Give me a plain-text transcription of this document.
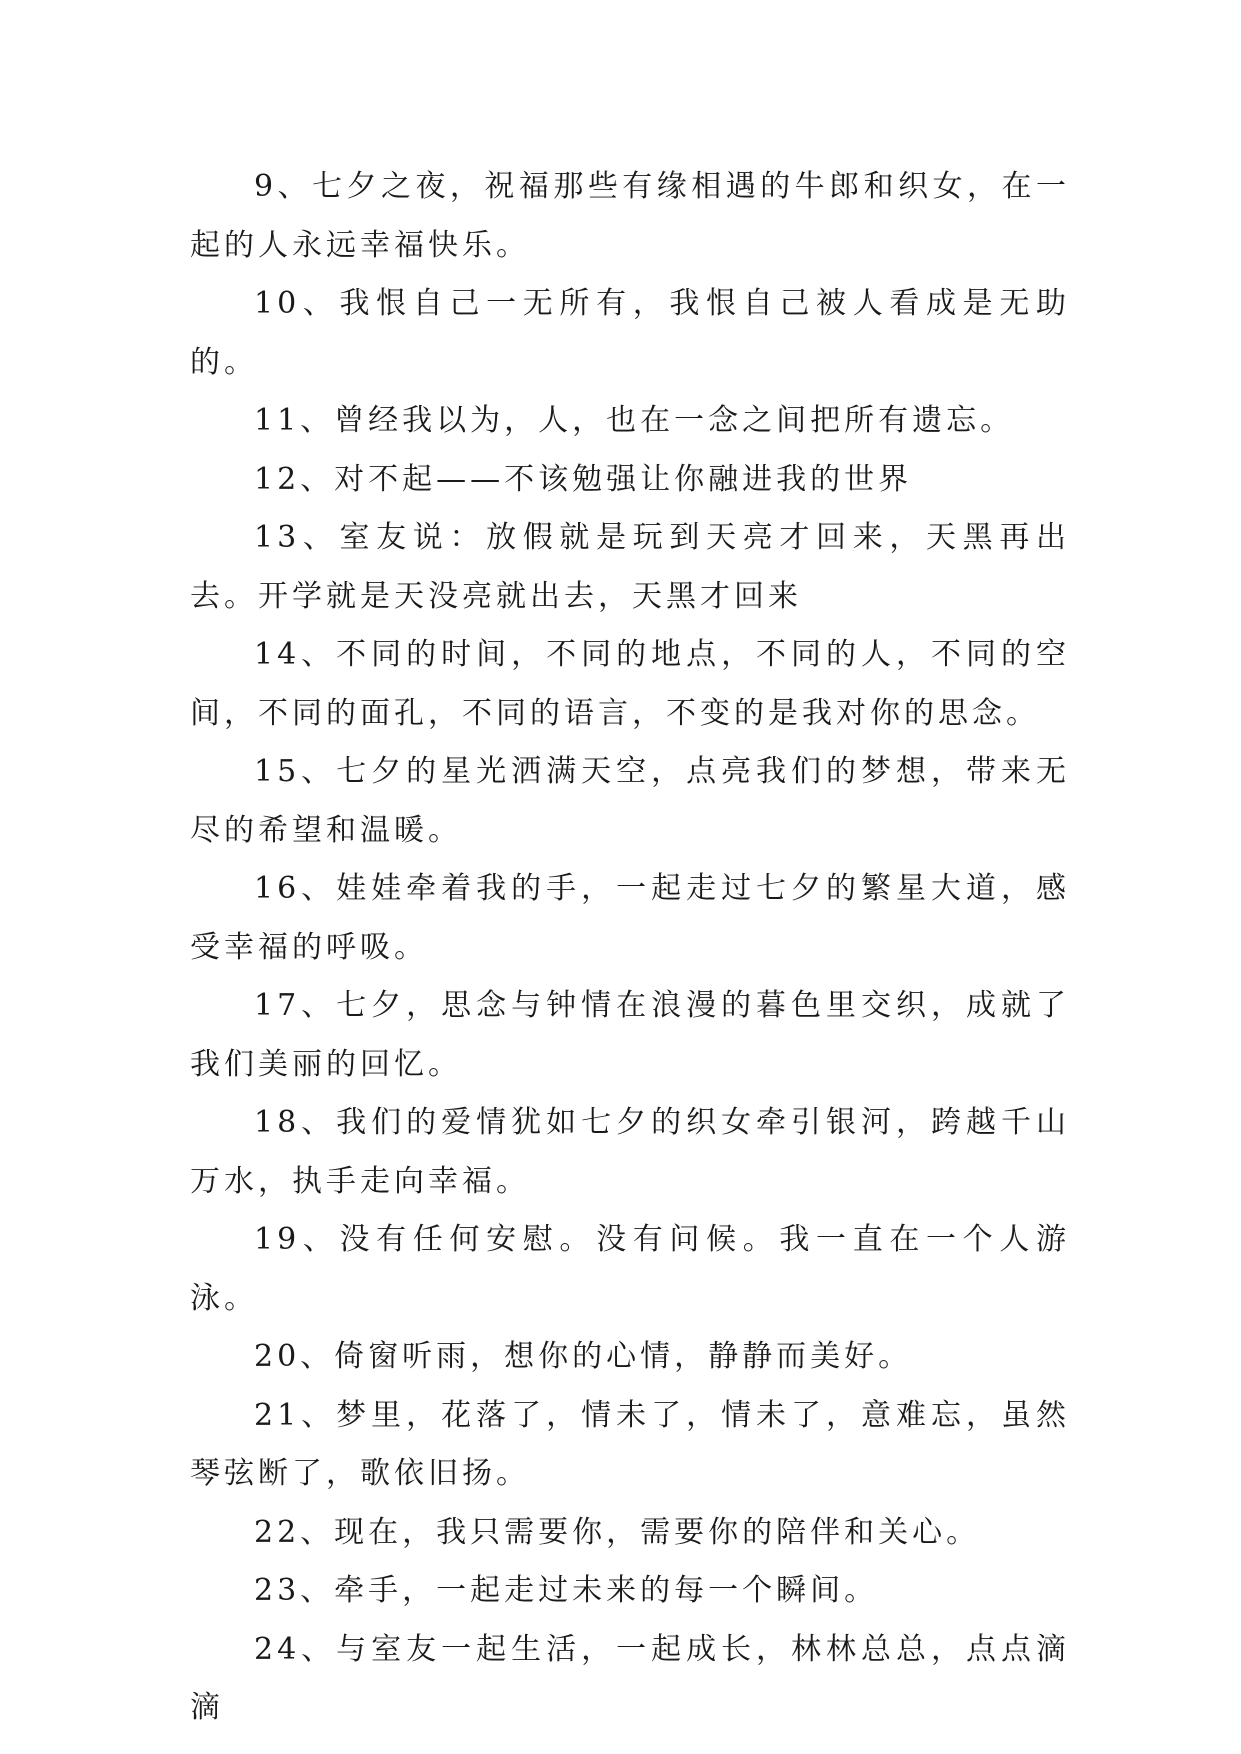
9、七夕之夜，祝福那些有缘相遇的牛郎和织女，在一起的人永远幸福快乐。

10、我恨自己一无所有，我恨自己被人看成是无助的。

11、曾经我以为，人，也在一念之间把所有遗忘。

12、对不起——不该勉强让你融进我的世界

13、室友说：放假就是玩到天亮才回来，天黑再出去。开学就是天没亮就出去，天黑才回来

14、不同的时间，不同的地点，不同的人，不同的空间，不同的面孔，不同的语言，不变的是我对你的思念。

15、七夕的星光洒满天空，点亮我们的梦想，带来无尽的希望和温暖。

16、娃娃牵着我的手，一起走过七夕的繁星大道，感受幸福的呼吸。

17、七夕，思念与钟情在浪漫的暮色里交织，成就了我们美丽的回忆。

18、我们的爱情犹如七夕的织女牵引银河，跨越千山万水，执手走向幸福。

19、没有任何安慰。没有问候。我一直在一个人游泳。

20、倚窗听雨，想你的心情，静静而美好。

21、梦里，花落了，情未了，情未了，意难忘，虽然琴弦断了，歌依旧扬。

22、现在，我只需要你，需要你的陪伴和关心。

23、牵手，一起走过未来的每一个瞬间。

24、与室友一起生活，一起成长，林林总总，点点滴滴
